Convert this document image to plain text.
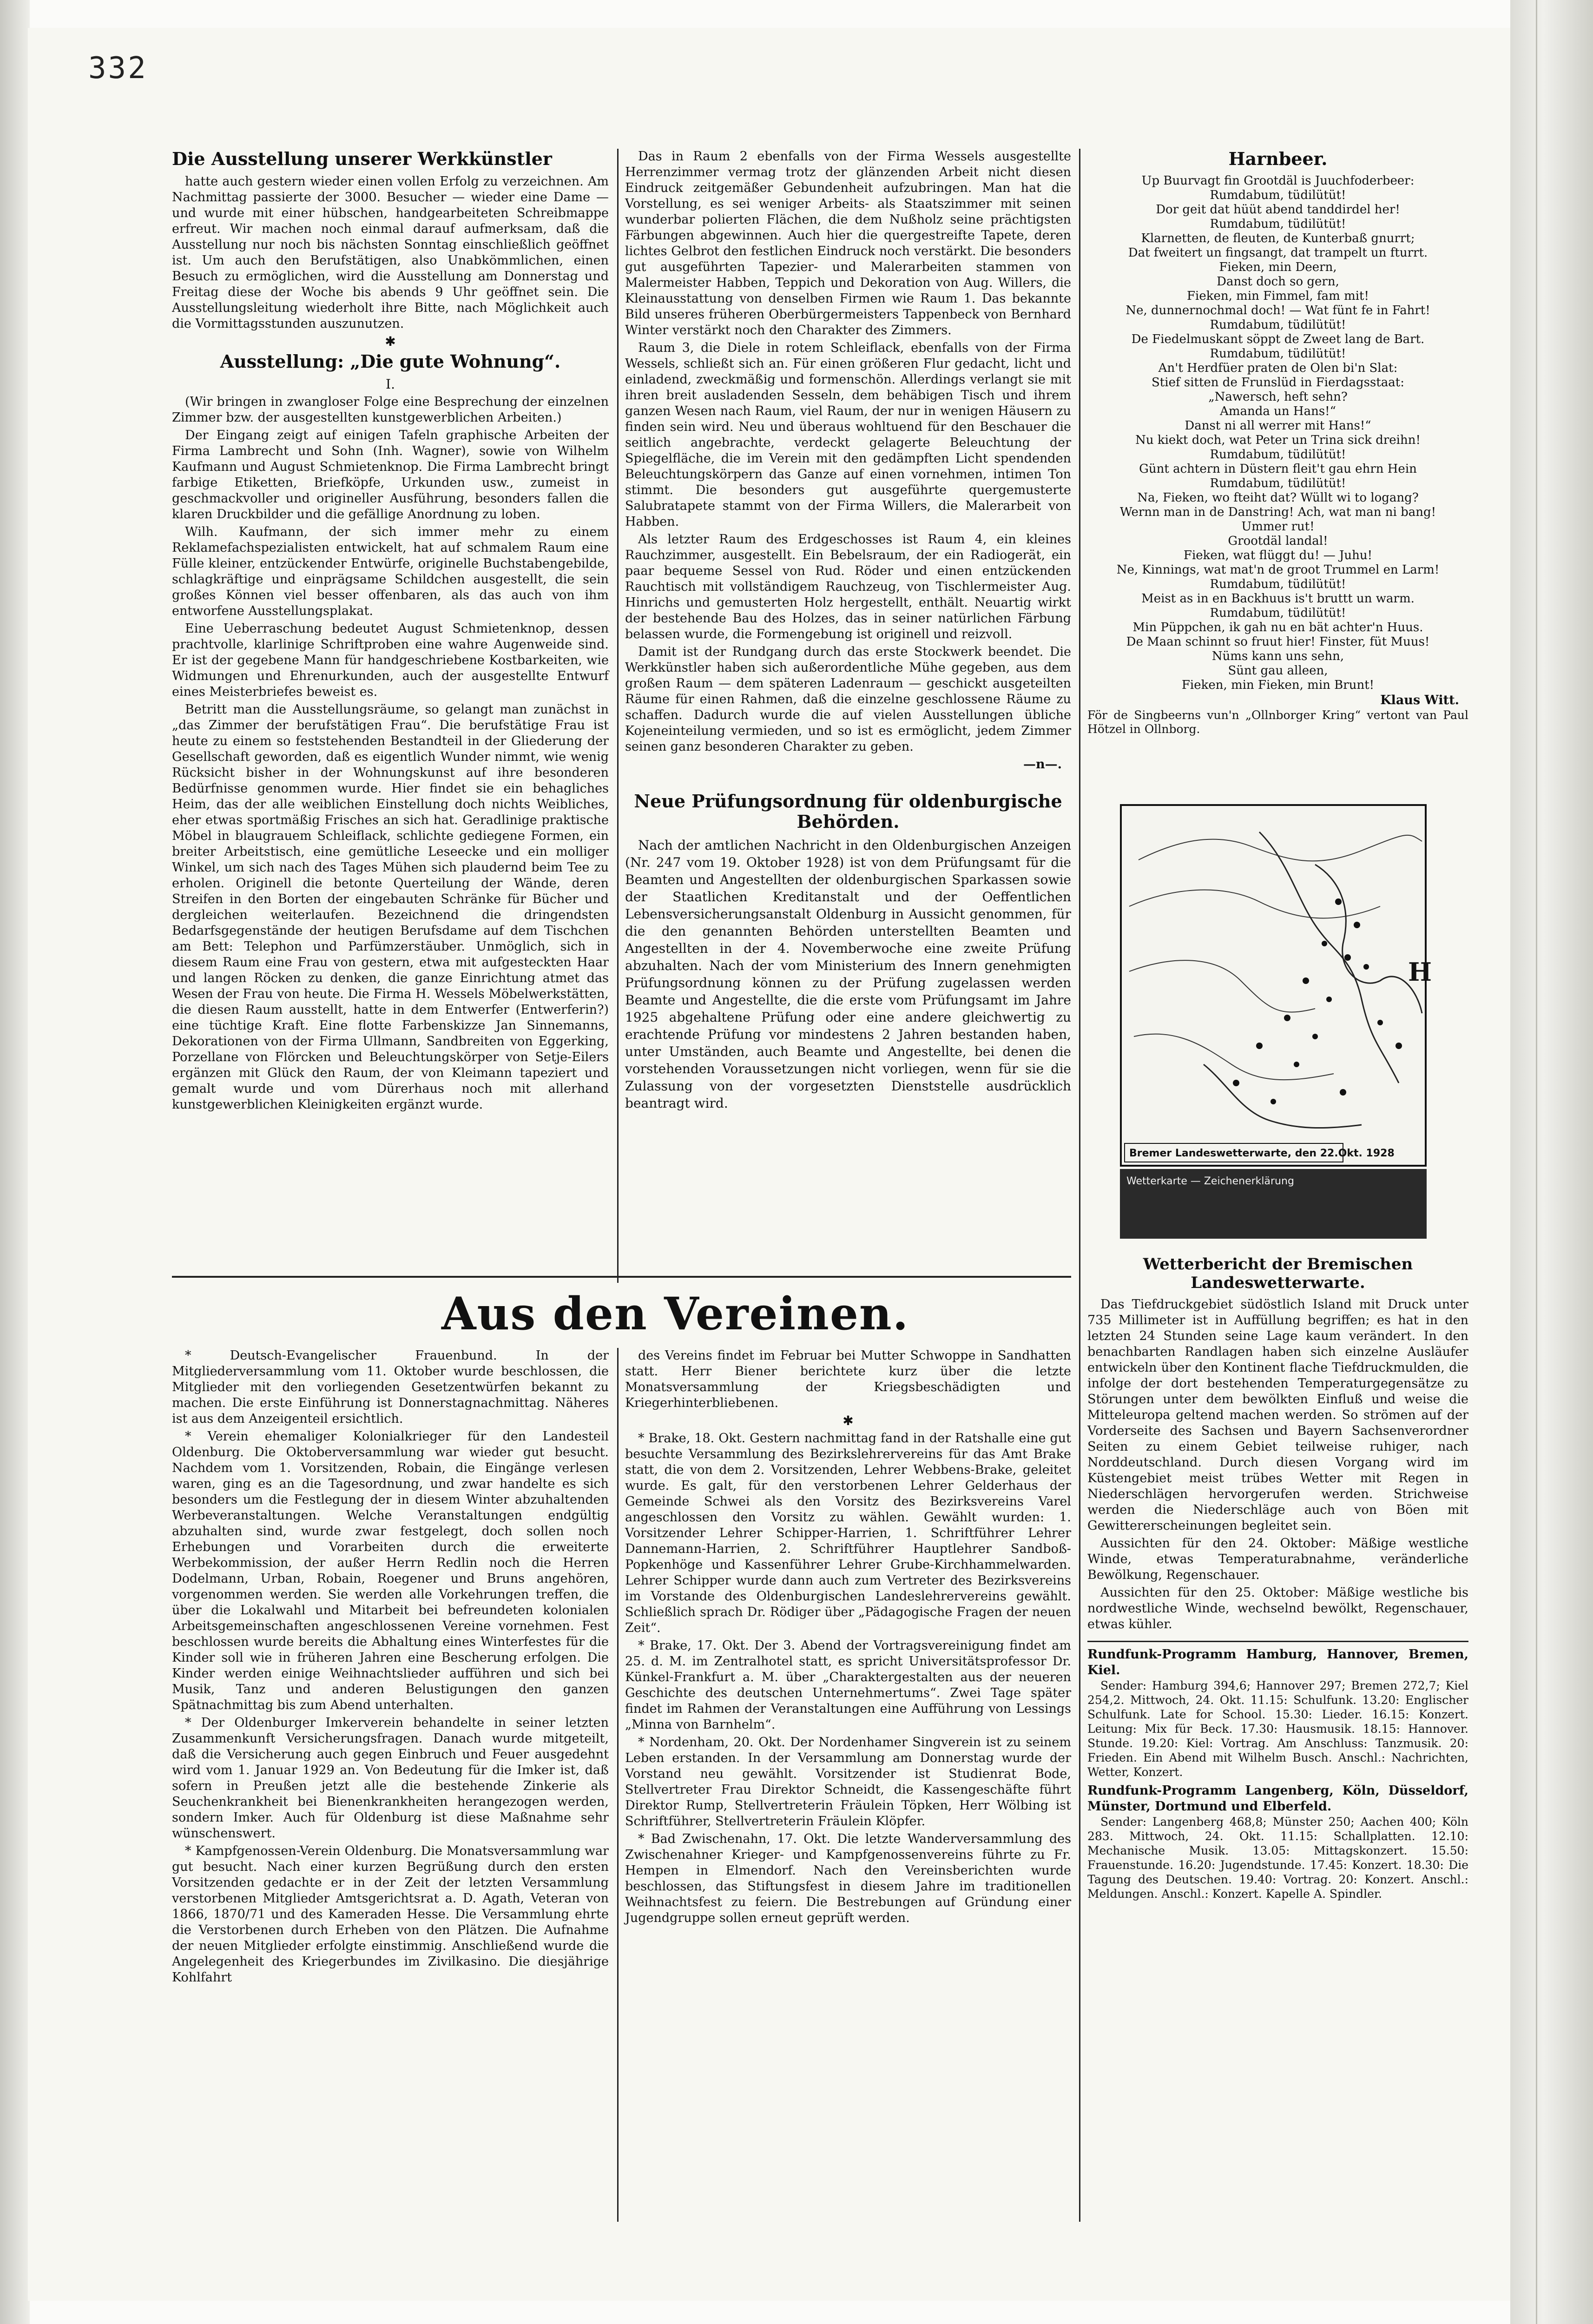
332
Die Ausstellung unserer Werkkünstler

hatte auch gestern wieder einen vollen Erfolg zu verzeichnen. Am Nachmittag passierte der 3000. Besucher — wieder eine Dame — und wurde mit einer hübschen, handgearbeiteten Schreibmappe erfreut. Wir machen noch einmal darauf aufmerksam, daß die Ausstellung nur noch bis nächsten Sonntag einschließlich geöffnet ist. Um auch den Berufstätigen, also Unabkömmlichen, einen Besuch zu ermöglichen, wird die Ausstellung am Donnerstag und Freitag diese der Woche bis abends 9 Uhr geöffnet sein. Die Ausstellungsleitung wiederholt ihre Bitte, nach Möglichkeit auch die Vormittagsstunden auszunutzen.

✱
Ausstellung: „Die gute Wohnung“.
I.

(Wir bringen in zwangloser Folge eine Besprechung der einzelnen Zimmer bzw. der ausgestellten kunstgewerblichen Arbeiten.)

Der Eingang zeigt auf einigen Tafeln graphische Arbeiten der Firma Lambrecht und Sohn (Inh. Wagner), sowie von Wilhelm Kaufmann und August Schmietenknop. Die Firma Lambrecht bringt farbige Etiketten, Briefköpfe, Urkunden usw., zumeist in geschmackvoller und origineller Ausführung, besonders fallen die klaren Druckbilder und die gefällige Anordnung zu loben.

Wilh. Kaufmann, der sich immer mehr zu einem Reklamefachspezialisten entwickelt, hat auf schmalem Raum eine Fülle kleiner, entzückender Entwürfe, originelle Buchstabengebilde, schlagkräftige und einprägsame Schildchen ausgestellt, die sein großes Können viel besser offenbaren, als das auch von ihm entworfene Ausstellungsplakat.

Eine Ueberraschung bedeutet August Schmietenknop, dessen prachtvolle, klarlinige Schriftproben eine wahre Augenweide sind. Er ist der gegebene Mann für handgeschriebene Kostbarkeiten, wie Widmungen und Ehrenurkunden, auch der ausgestellte Entwurf eines Meisterbriefes beweist es.

Betritt man die Ausstellungsräume, so gelangt man zunächst in „das Zimmer der berufstätigen Frau“. Die berufstätige Frau ist heute zu einem so feststehenden Bestandteil in der Gliederung der Gesellschaft geworden, daß es eigentlich Wunder nimmt, wie wenig Rücksicht bisher in der Wohnungskunst auf ihre besonderen Bedürfnisse genommen wurde. Hier findet sie ein behagliches Heim, das der alle weiblichen Einstellung doch nichts Weibliches, eher etwas sportmäßig Frisches an sich hat. Geradlinige praktische Möbel in blaugrauem Schleiflack, schlichte gediegene Formen, ein breiter Arbeitstisch, eine gemütliche Leseecke und ein molliger Winkel, um sich nach des Tages Mühen sich plaudernd beim Tee zu erholen. Originell die betonte Querteilung der Wände, deren Streifen in den Borten der eingebauten Schränke für Bücher und dergleichen weiterlaufen. Bezeichnend die dringendsten Bedarfsgegenstände der heutigen Berufsdame auf dem Tischchen am Bett: Telephon und Parfümzerstäuber. Unmöglich, sich in diesem Raum eine Frau von gestern, etwa mit aufgesteckten Haar und langen Röcken zu denken, die ganze Einrichtung atmet das Wesen der Frau von heute. Die Firma H. Wessels Möbelwerkstätten, die diesen Raum ausstellt, hatte in dem Entwerfer (Entwerferin?) eine tüchtige Kraft. Eine flotte Farbenskizze Jan Sinnemanns, Dekorationen von der Firma Ullmann, Sandbreiten von Eggerking, Porzellane von Flörcken und Beleuchtungskörper von Setje-Eilers ergänzen mit Glück den Raum, der von Kleimann tapeziert und gemalt wurde und vom Dürerhaus noch mit allerhand kunstgewerblichen Kleinigkeiten ergänzt wurde.

Das in Raum 2 ebenfalls von der Firma Wessels ausgestellte Herrenzimmer vermag trotz der glänzenden Arbeit nicht diesen Eindruck zeitgemäßer Gebundenheit aufzubringen. Man hat die Vorstellung, es sei weniger Arbeits- als Staatszimmer mit seinen wunderbar polierten Flächen, die dem Nußholz seine prächtigsten Färbungen abgewinnen. Auch hier die quergestreifte Tapete, deren lichtes Gelbrot den festlichen Eindruck noch verstärkt. Die besonders gut ausgeführten Tapezier- und Malerarbeiten stammen von Malermeister Habben, Teppich und Dekoration von Aug. Willers, die Kleinausstattung von denselben Firmen wie Raum 1. Das bekannte Bild unseres früheren Oberbürgermeisters Tappenbeck von Bernhard Winter verstärkt noch den Charakter des Zimmers.

Raum 3, die Diele in rotem Schleiflack, ebenfalls von der Firma Wessels, schließt sich an. Für einen größeren Flur gedacht, licht und einladend, zweckmäßig und formenschön. Allerdings verlangt sie mit ihren breit ausladenden Sesseln, dem behäbigen Tisch und ihrem ganzen Wesen nach Raum, viel Raum, der nur in wenigen Häusern zu finden sein wird. Neu und überaus wohltuend für den Beschauer die seitlich angebrachte, verdeckt gelagerte Beleuchtung der Spiegelfläche, die im Verein mit den gedämpften Licht spendenden Beleuchtungskörpern das Ganze auf einen vornehmen, intimen Ton stimmt. Die besonders gut ausgeführte quergemusterte Salubratapete stammt von der Firma Willers, die Malerarbeit von Habben.

Als letzter Raum des Erdgeschosses ist Raum 4, ein kleines Rauchzimmer, ausgestellt. Ein Bebelsraum, der ein Radiogerät, ein paar bequeme Sessel von Rud. Röder und einen entzückenden Rauchtisch mit vollständigem Rauchzeug, von Tischlermeister Aug. Hinrichs und gemusterten Holz hergestellt, enthält. Neuartig wirkt der bestehende Bau des Holzes, das in seiner natürlichen Färbung belassen wurde, die Formengebung ist originell und reizvoll.

Damit ist der Rundgang durch das erste Stockwerk beendet. Die Werkkünstler haben sich außerordentliche Mühe gegeben, aus dem großen Raum — dem späteren Ladenraum — geschickt ausgeteilten Räume für einen Rahmen, daß die einzelne geschlossene Räume zu schaffen. Dadurch wurde die auf vielen Ausstellungen übliche Kojeneinteilung vermieden, und so ist es ermöglicht, jedem Zimmer seinen ganz besonderen Charakter zu geben.

—n—.
Neue Prüfungsordnung für oldenburgische Behörden.

Nach der amtlichen Nachricht in den Oldenburgischen Anzeigen (Nr. 247 vom 19. Oktober 1928) ist von dem Prüfungsamt für die Beamten und Angestellten der oldenburgischen Sparkassen sowie der Staatlichen Kreditanstalt und der Oeffentlichen Lebensversicherungsanstalt Oldenburg in Aussicht genommen, für die den genannten Behörden unterstellten Beamten und Angestellten in der 4. Novemberwoche eine zweite Prüfung abzuhalten. Nach der vom Ministerium des Innern genehmigten Prüfungsordnung können zu der Prüfung zugelassen werden Beamte und Angestellte, die die erste vom Prüfungsamt im Jahre 1925 abgehaltene Prüfung oder eine andere gleichwertig zu erachtende Prüfung vor mindestens 2 Jahren bestanden haben, unter Umständen, auch Beamte und Angestellte, bei denen die vorstehenden Voraussetzungen nicht vorliegen, wenn für sie die Zulassung von der vorgesetzten Dienststelle ausdrücklich beantragt wird.

Harnbeer.
Up Buurvagt fin Grootdäl is Juuchfoderbeer:
Rumdabum, tüdilütüt!
Dor geit dat hüüt abend tanddirdel her!
Rumdabum, tüdilütüt!
Klarnetten, de fleuten, de Kunterbaß gnurrt;
Dat fweitert un fingsangt, dat trampelt un fturrt.
Fieken, min Deern,
Danst doch so gern,
Fieken, min Fimmel, fam mit!
Ne, dunnernochmal doch! — Wat fünt fe in Fahrt!
Rumdabum, tüdilütüt!
De Fiedelmuskant söppt de Zweet lang de Bart.
Rumdabum, tüdilütüt!
An't Herdfüer praten de Olen bi'n Slat:
Stief sitten de Frunslüd in Fierdagsstaat:
„Nawersch, heft sehn?
Amanda un Hans!“
Danst ni all werrer mit Hans!“
Nu kiekt doch, wat Peter un Trina sick dreihn!
Rumdabum, tüdilütüt!
Günt achtern in Düstern fleit't gau ehrn Hein
Rumdabum, tüdilütüt!
Na, Fieken, wo fteiht dat? Wüllt wi to logang?
Wernn man in de Danstring! Ach, wat man ni bang!
Ummer rut!
Grootdäl landal!
Fieken, wat flüggt du! — Juhu!
Ne, Kinnings, wat mat'n de groot Trummel en Larm!
Rumdabum, tüdilütüt!
Meist as in en Backhuus is't bruttt un warm.
Rumdabum, tüdilütüt!
Min Püppchen, ik gah nu en bät achter'n Huus.
De Maan schinnt so fruut hier! Finster, füt Muus!
Nüms kann uns sehn,
Sünt gau alleen,
Fieken, min Fieken, min Brunt!
Klaus Witt.

För de Singbeerns vun'n „Ollnborger Kring“ vertont van Paul Hötzel in Ollnborg.

H
Bremer Landeswetterwarte, den 22.Okt. 1928
Wetterkarte — Zeichenerklärung
Wetterbericht der Bremischen Landeswetterwarte.

Das Tiefdruckgebiet südöstlich Island mit Druck unter 735 Millimeter ist in Auffüllung begriffen; es hat in den letzten 24 Stunden seine Lage kaum verändert. In den benachbarten Randlagen haben sich einzelne Ausläufer entwickeln über den Kontinent flache Tiefdruckmulden, die infolge der dort bestehenden Temperaturgegensätze zu Störungen unter dem bewölkten Einfluß und weise die Mitteleuropa geltend machen werden. So strömen auf der Vorderseite des Sachsen und Bayern Sachsenverordner Seiten zu einem Gebiet teilweise ruhiger, nach Norddeutschland. Durch diesen Vorgang wird im Küstengebiet meist trübes Wetter mit Regen in Niederschlägen hervorgerufen werden. Strichweise werden die Niederschläge auch von Böen mit Gewittererscheinungen begleitet sein.

Aussichten für den 24. Oktober: Mäßige westliche Winde, etwas Temperaturabnahme, veränderliche Bewölkung, Regenschauer.

Aussichten für den 25. Oktober: Mäßige westliche bis nordwestliche Winde, wechselnd bewölkt, Regenschauer, etwas kühler.

Rundfunk-Programm Hamburg, Hannover, Bremen, Kiel.

Sender: Hamburg 394,6; Hannover 297; Bremen 272,7; Kiel 254,2. Mittwoch, 24. Okt. 11.15: Schulfunk. 13.20: Englischer Schulfunk. Late for School. 15.30: Lieder. 16.15: Konzert. Leitung: Mix für Beck. 17.30: Hausmusik. 18.15: Hannover. Stunde. 19.20: Kiel: Vortrag. Am Anschluss: Tanzmusik. 20: Frieden. Ein Abend mit Wilhelm Busch. Anschl.: Nachrichten, Wetter, Konzert.

Rundfunk-Programm Langenberg, Köln, Düsseldorf, Münster, Dortmund und Elberfeld.

Sender: Langenberg 468,8; Münster 250; Aachen 400; Köln 283. Mittwoch, 24. Okt. 11.15: Schallplatten. 12.10: Mechanische Musik. 13.05: Mittagskonzert. 15.50: Frauenstunde. 16.20: Jugendstunde. 17.45: Konzert. 18.30: Die Tagung des Deutschen. 19.40: Vortrag. 20: Konzert. Anschl.: Meldungen. Anschl.: Konzert. Kapelle A. Spindler.

Aus den Vereinen.

* Deutsch-Evangelischer Frauenbund. In der Mitgliederversammlung vom 11. Oktober wurde beschlossen, die Mitglieder mit den vorliegenden Gesetzentwürfen bekannt zu machen. Die erste Einführung ist Donnerstagnachmittag. Näheres ist aus dem Anzeigenteil ersichtlich.

* Verein ehemaliger Kolonialkrieger für den Landesteil Oldenburg. Die Oktoberversammlung war wieder gut besucht. Nachdem vom 1. Vorsitzenden, Robain, die Eingänge verlesen waren, ging es an die Tagesordnung, und zwar handelte es sich besonders um die Festlegung der in diesem Winter abzuhaltenden Werbeveranstaltungen. Welche Veranstaltungen endgültig abzuhalten sind, wurde zwar festgelegt, doch sollen noch Erhebungen und Vorarbeiten durch die erweiterte Werbekommission, der außer Herrn Redlin noch die Herren Dodelmann, Urban, Robain, Roegener und Bruns angehören, vorgenommen werden. Sie werden alle Vorkehrungen treffen, die über die Lokalwahl und Mitarbeit bei befreundeten kolonialen Arbeitsgemeinschaften angeschlossenen Vereine vornehmen. Fest beschlossen wurde bereits die Abhaltung eines Winterfestes für die Kinder soll wie in früheren Jahren eine Bescherung erfolgen. Die Kinder werden einige Weihnachtslieder aufführen und sich bei Musik, Tanz und anderen Belustigungen den ganzen Spätnachmittag bis zum Abend unterhalten.

* Der Oldenburger Imkerverein behandelte in seiner letzten Zusammenkunft Versicherungsfragen. Danach wurde mitgeteilt, daß die Versicherung auch gegen Einbruch und Feuer ausgedehnt wird vom 1. Januar 1929 an. Von Bedeutung für die Imker ist, daß sofern in Preußen jetzt alle die bestehende Zinkerie als Seuchenkrankheit bei Bienenkrankheiten herangezogen werden, sondern Imker. Auch für Oldenburg ist diese Maßnahme sehr wünschenswert.

* Kampfgenossen-Verein Oldenburg. Die Monatsversammlung war gut besucht. Nach einer kurzen Begrüßung durch den ersten Vorsitzenden gedachte er in der Zeit der letzten Versammlung verstorbenen Mitglieder Amtsgerichtsrat a. D. Agath, Veteran von 1866, 1870/71 und des Kameraden Hesse. Die Versammlung ehrte die Verstorbenen durch Erheben von den Plätzen. Die Aufnahme der neuen Mitglieder erfolgte einstimmig. Anschließend wurde die Angelegenheit des Kriegerbundes im Zivilkasino. Die diesjährige Kohlfahrt

des Vereins findet im Februar bei Mutter Schwoppe in Sandhatten statt. Herr Biener berichtete kurz über die letzte Monatsversammlung der Kriegsbeschädigten und Kriegerhinterbliebenen.

✱

* Brake, 18. Okt. Gestern nachmittag fand in der Ratshalle eine gut besuchte Versammlung des Bezirkslehrervereins für das Amt Brake statt, die von dem 2. Vorsitzenden, Lehrer Webbens-Brake, geleitet wurde. Es galt, für den verstorbenen Lehrer Gelderhaus der Gemeinde Schwei als den Vorsitz des Bezirksvereins Varel angeschlossen den Vorsitz zu wählen. Gewählt wurden: 1. Vorsitzender Lehrer Schipper-Harrien, 1. Schriftführer Lehrer Dannemann-Harrien, 2. Schriftführer Hauptlehrer Sandboß-Popkenhöge und Kassenführer Lehrer Grube-Kirchhammelwarden. Lehrer Schipper wurde dann auch zum Vertreter des Bezirksvereins im Vorstande des Oldenburgischen Landeslehrervereins gewählt. Schließlich sprach Dr. Rödiger über „Pädagogische Fragen der neuen Zeit“.

* Brake, 17. Okt. Der 3. Abend der Vortragsvereinigung findet am 25. d. M. im Zentralhotel statt, es spricht Universitätsprofessor Dr. Künkel-Frankfurt a. M. über „Charaktergestalten aus der neueren Geschichte des deutschen Unternehmertums“. Zwei Tage später findet im Rahmen der Veranstaltungen eine Aufführung von Lessings „Minna von Barnhelm“.

* Nordenham, 20. Okt. Der Nordenhamer Singverein ist zu seinem Leben erstanden. In der Versammlung am Donnerstag wurde der Vorstand neu gewählt. Vorsitzender ist Studienrat Bode, Stellvertreter Frau Direktor Schneidt, die Kassengeschäfte führt Direktor Rump, Stellvertreterin Fräulein Töpken, Herr Wölbing ist Schriftführer, Stellvertreterin Fräulein Klöpfer.

* Bad Zwischenahn, 17. Okt. Die letzte Wanderversammlung des Zwischenahner Krieger- und Kampfgenossenvereins führte zu Fr. Hempen in Elmendorf. Nach den Vereinsberichten wurde beschlossen, das Stiftungsfest in diesem Jahre im traditionellen Weihnachtsfest zu feiern. Die Bestrebungen auf Gründung einer Jugendgruppe sollen erneut geprüft werden.
